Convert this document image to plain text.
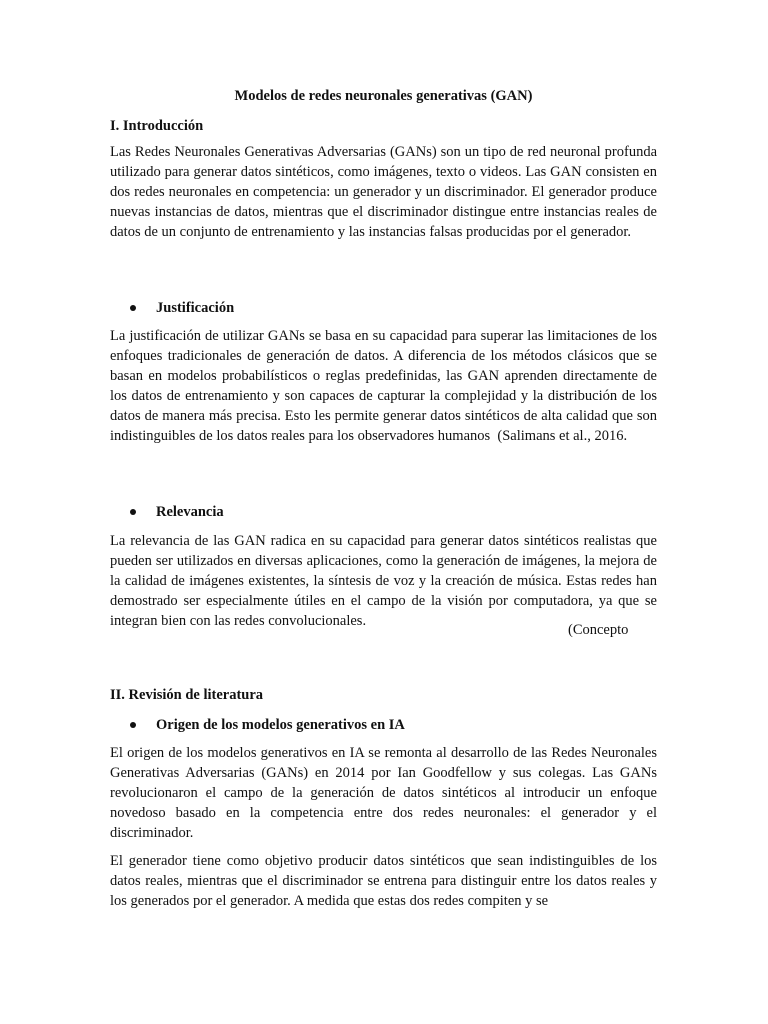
Modelos de redes neuronales generativas (GAN)
I. Introducción

Las Redes Neuronales Generativas Adversarias (GANs) son un tipo de red neuronal profunda utilizado para generar datos sintéticos, como imágenes, texto o videos. Las GAN consisten en dos redes neuronales en competencia: un generador y un discriminador. El generador produce nuevas instancias de datos, mientras que el discriminador distingue entre instancias reales de datos de un conjunto de entrenamiento y las instancias falsas producidas por el generador.

Justificación

La justificación de utilizar GANs se basa en su capacidad para superar las limitaciones de los enfoques tradicionales de generación de datos. A diferencia de los métodos clásicos que se basan en modelos probabilísticos o reglas predefinidas, las GAN aprenden directamente de los datos de entrenamiento y son capaces de capturar la complejidad y la distribución de los datos de manera más precisa. Esto les permite generar datos sintéticos de alta calidad que son indistinguibles de los datos reales para los observadores humanos (Salimans et al., 2016.

Relevancia

La relevancia de las GAN radica en su capacidad para generar datos sintéticos realistas que pueden ser utilizados en diversas aplicaciones, como la generación de imágenes, la mejora de la calidad de imágenes existentes, la síntesis de voz y la creación de música. Estas redes han demostrado ser especialmente útiles en el campo de la visión por computadora, ya que se integran bien con las redes convolucionales.

(Concepto
II. Revisión de literatura
Origen de los modelos generativos en IA

El origen de los modelos generativos en IA se remonta al desarrollo de las Redes Neuronales Generativas Adversarias (GANs) en 2014 por Ian Goodfellow y sus colegas. Las GANs revolucionaron el campo de la generación de datos sintéticos al introducir un enfoque novedoso basado en la competencia entre dos redes neuronales: el generador y el discriminador.

El generador tiene como objetivo producir datos sintéticos que sean indistinguibles de los datos reales, mientras que el discriminador se entrena para distinguir entre los datos reales y los generados por el generador. A medida que estas dos redes compiten y se
